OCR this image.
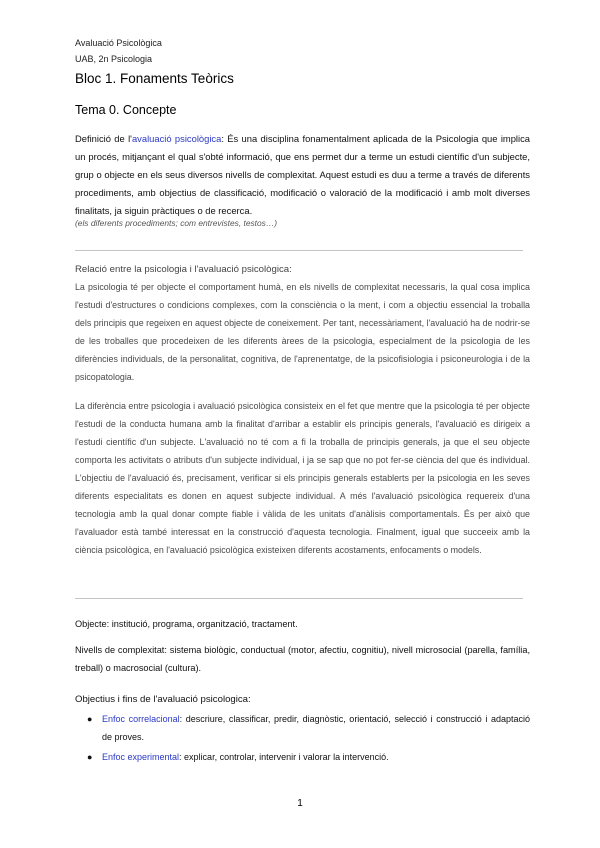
Avaluació Psicològica
UAB, 2n Psicologia
Bloc 1. Fonaments Teòrics
Tema 0. Concepte
Definició de l'avaluació psicològica: És una disciplina fonamentalment aplicada de la Psicologia que implica un procés, mitjançant el qual s'obté informació, que ens permet dur a terme un estudi científic d'un subjecte, grup o objecte en els seus diversos nivells de complexitat. Aquest estudi es duu a terme a través de diferents procediments, amb objectius de classificació, modificació o valoració de la modificació i amb molt diverses finalitats, ja siguin pràctiques o de recerca.
(els diferents procediments; com entrevistes, testos…)
Relació entre la psicologia i l'avaluació psicològica:
La psicologia té per objecte el comportament humà, en els nivells de complexitat necessaris, la qual cosa implica l'estudi d'estructures o condicions complexes, com la consciència o la ment, i com a objectiu essencial la troballa dels principis que regeixen en aquest objecte de coneixement. Per tant, necessàriament, l'avaluació ha de nodrir-se de les troballes que procedeixen de les diferents àrees de la psicologia, especialment de la psicologia de les diferències individuals, de la personalitat, cognitiva, de l'aprenentatge, de la psicofisiologia i psiconeurologia i de la psicopatologia.
La diferència entre psicologia i avaluació psicològica consisteix en el fet que mentre que la psicologia té per objecte l'estudi de la conducta humana amb la finalitat d'arribar a establir els principis generals, l'avaluació es dirigeix a l'estudi científic d'un subjecte. L'avaluació no té com a fi la troballa de principis generals, ja que el seu objecte comporta les activitats o atributs d'un subjecte individual, i ja se sap que no pot fer-se ciència del que és individual. L'objectiu de l'avaluació és, precisament, verificar si els principis generals establerts per la psicologia en les seves diferents especialitats es donen en aquest subjecte individual. A més l'avaluació psicològica requereix d'una tecnologia amb la qual donar compte fiable i vàlida de les unitats d'anàlisis comportamentals. És per això que l'avaluador està també interessat en la construcció d'aquesta tecnologia. Finalment, igual que succeeix amb la ciència psicològica, en l'avaluació psicològica existeixen diferents acostaments, enfocaments o models.
Objecte: institució, programa, organització, tractament.
Nivells de complexitat: sistema biològic, conductual (motor, afectiu, cognitiu), nivell microsocial (parella, família, treball) o macrosocial (cultura).
Objectius i fins de l'avaluació psicologica:
● Enfoc correlacional: descriure, classificar, predir, diagnòstic, orientació, selecció i construcció i adaptació de proves.
● Enfoc experimental: explicar, controlar, intervenir i valorar la intervenció.
1
